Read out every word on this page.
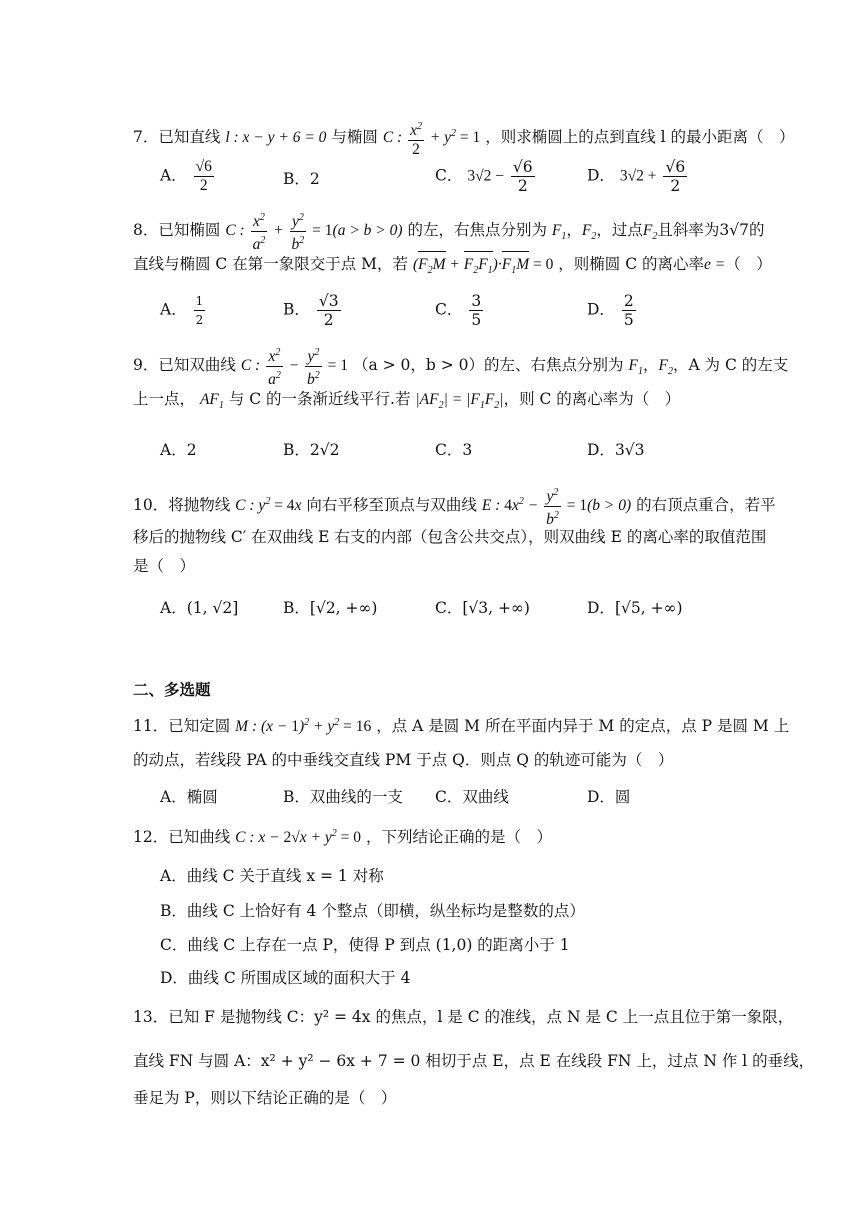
7．已知直线 l : x − y + 6 = 0 与椭圆 C : $\frac{x^2}{2} + y^2 = 1$ ，则求椭圆上的点到直线 l 的最小距离（　）
A． $\frac{√6}{2}$	B．2	C． $3√2 - \frac{√6}{2}$	D． $3√2 + \frac{√6}{2}$
8．已知椭圆 C : $\frac{x^2}{a^2} + \frac{y^2}{b^2} = 1(a > b > 0)$ 的左，右焦点分别为 $F_1$，$F_2$，过点$F_2$且斜率为3√7的
直线与椭圆 C 在第一象限交于点 M，若 $(F_2M + F_2F_1)\cdot F_1M = 0$ ，则椭圆 C 的离心率e =（　）
A． $\frac{1}{2}$	B． $\frac{√3}{2}$	C． $\frac{3}{5}$	D． $\frac{2}{5}$
9．已知双曲线 C : $\frac{x^2}{a^2} - \frac{y^2}{b^2} = 1$ （a > 0，b > 0）的左、右焦点分别为 $F_1$，$F_2$，A 为 C 的左支
上一点， $AF_1$ 与 C 的一条渐近线平行.若 $|AF_2| = |F_1F_2|$，则 C 的离心率为（　）
A．2	B．2√2	C．3	D．3√3
10．将抛物线 C : $y^2 = 4x$ 向右平移至顶点与双曲线 E : $4x^2 - \frac{y^2}{b^2} = 1(b > 0)$ 的右顶点重合，若平
移后的抛物线 C′ 在双曲线 E 右支的内部（包含公共交点），则双曲线 E 的离心率的取值范围
是（　）
A．(1, √2]	B．[√2, +∞)	C．[√3, +∞)	D．[√5, +∞)
二、多选题
11．已知定圆 M : $(x - 1)^2 + y^2 = 16$ ，点 A 是圆 M 所在平面内异于 M 的定点，点 P 是圆 M 上
的动点，若线段 PA 的中垂线交直线 PM 于点 Q．则点 Q 的轨迹可能为（　）
A．椭圆	B．双曲线的一支 C．双曲线	D．圆
12．已知曲线 C : $x - 2√x + y^2 = 0$ ，下列结论正确的是（　）
A．曲线 C 关于直线 x = 1 对称
B．曲线 C 上恰好有 4 个整点（即横，纵坐标均是整数的点）
C．曲线 C 上存在一点 P，使得 P 到点 (1,0) 的距离小于 1
D．曲线 C 所围成区域的面积大于 4
13．已知 F 是抛物线 C：y² = 4x 的焦点，l 是 C 的准线，点 N 是 C 上一点且位于第一象限，
直线 FN 与圆 A：x² + y² − 6x + 7 = 0 相切于点 E，点 E 在线段 FN 上，过点 N 作 l 的垂线，
垂足为 P，则以下结论正确的是（　）
